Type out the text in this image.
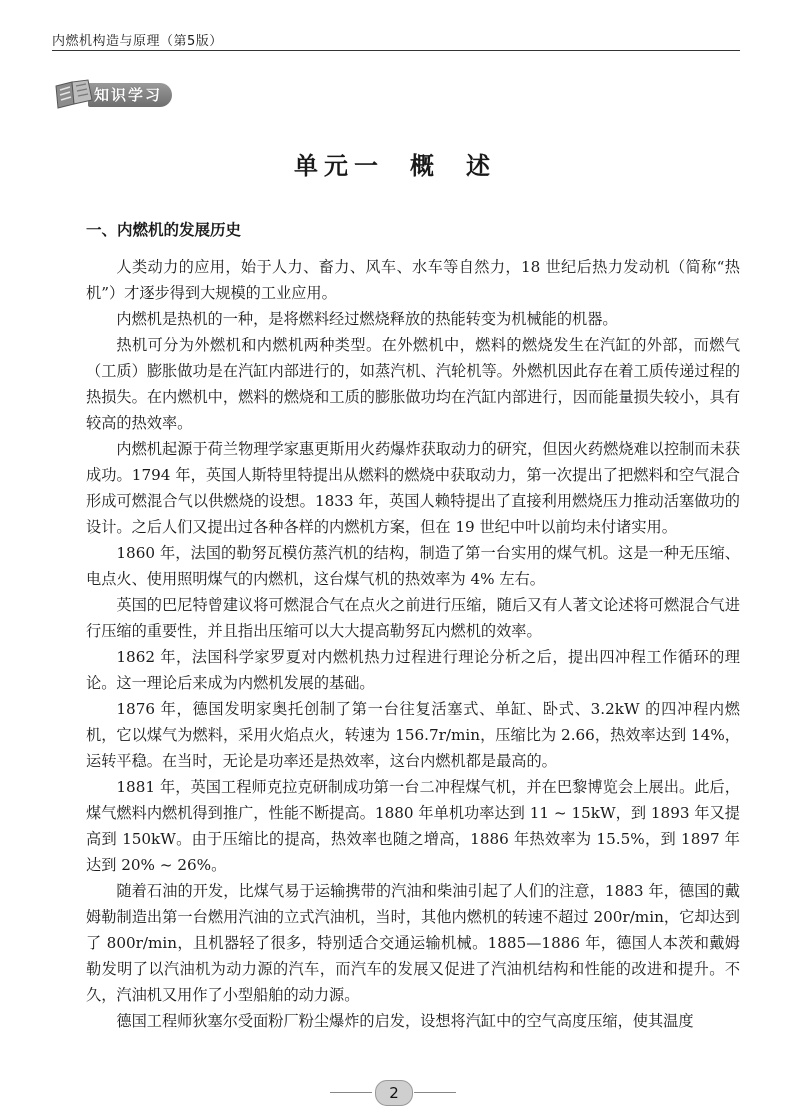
内燃机构造与原理（第5版）
知识学习
单元一 概 述
一、内燃机的发展历史

人类动力的应用，始于人力、畜力、风车、水车等自然力，18 世纪后热力发动机（简称“热机”）才逐步得到大规模的工业应用。

内燃机是热机的一种，是将燃料经过燃烧释放的热能转变为机械能的机器。

热机可分为外燃机和内燃机两种类型。在外燃机中，燃料的燃烧发生在汽缸的外部，而燃气（工质）膨胀做功是在汽缸内部进行的，如蒸汽机、汽轮机等。外燃机因此存在着工质传递过程的热损失。在内燃机中，燃料的燃烧和工质的膨胀做功均在汽缸内部进行，因而能量损失较小，具有较高的热效率。

内燃机起源于荷兰物理学家惠更斯用火药爆炸获取动力的研究，但因火药燃烧难以控制而未获成功。1794 年，英国人斯特里特提出从燃料的燃烧中获取动力，第一次提出了把燃料和空气混合形成可燃混合气以供燃烧的设想。1833 年，英国人赖特提出了直接利用燃烧压力推动活塞做功的设计。之后人们又提出过各种各样的内燃机方案，但在 19 世纪中叶以前均未付诸实用。

1860 年，法国的勒努瓦模仿蒸汽机的结构，制造了第一台实用的煤气机。这是一种无压缩、电点火、使用照明煤气的内燃机，这台煤气机的热效率为 4% 左右。

英国的巴尼特曾建议将可燃混合气在点火之前进行压缩，随后又有人著文论述将可燃混合气进行压缩的重要性，并且指出压缩可以大大提高勒努瓦内燃机的效率。

1862 年，法国科学家罗夏对内燃机热力过程进行理论分析之后，提出四冲程工作循环的理论。这一理论后来成为内燃机发展的基础。

1876 年，德国发明家奥托创制了第一台往复活塞式、单缸、卧式、3.2kW 的四冲程内燃机，它以煤气为燃料，采用火焰点火，转速为 156.7r/min，压缩比为 2.66，热效率达到 14%，运转平稳。在当时，无论是功率还是热效率，这台内燃机都是最高的。

1881 年，英国工程师克拉克研制成功第一台二冲程煤气机，并在巴黎博览会上展出。此后，煤气燃料内燃机得到推广，性能不断提高。1880 年单机功率达到 11 ~ 15kW，到 1893 年又提高到 150kW。由于压缩比的提高，热效率也随之增高，1886 年热效率为 15.5%，到 1897 年达到 20% ~ 26%。

随着石油的开发，比煤气易于运输携带的汽油和柴油引起了人们的注意，1883 年，德国的戴姆勒制造出第一台燃用汽油的立式汽油机，当时，其他内燃机的转速不超过 200r/min，它却达到了 800r/min，且机器轻了很多，特别适合交通运输机械。1885—1886 年，德国人本茨和戴姆勒发明了以汽油机为动力源的汽车，而汽车的发展又促进了汽油机结构和性能的改进和提升。不久，汽油机又用作了小型船舶的动力源。

德国工程师狄塞尔受面粉厂粉尘爆炸的启发，设想将汽缸中的空气高度压缩，使其温度

2
